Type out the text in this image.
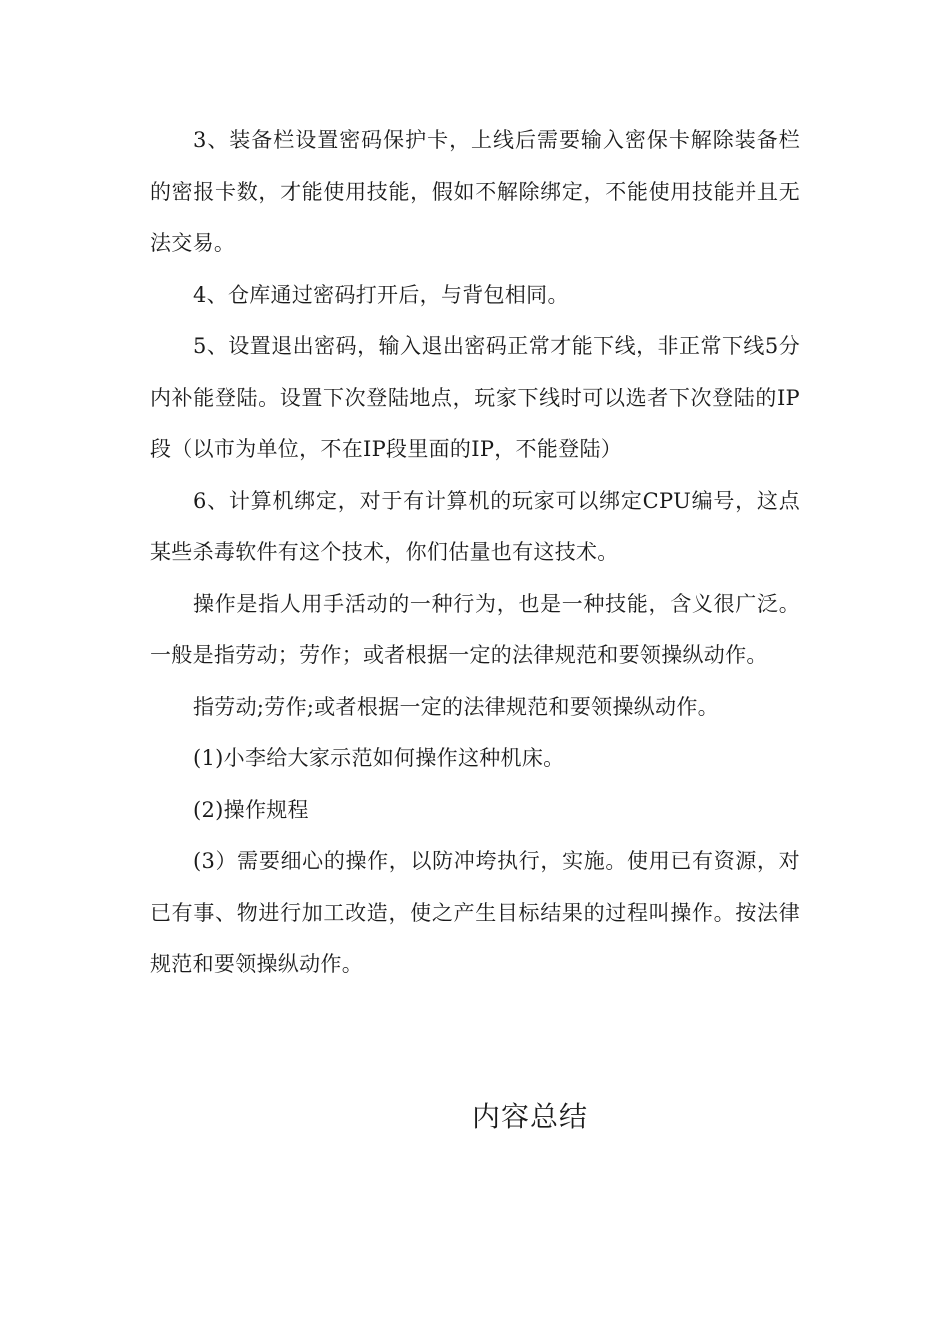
3、装备栏设置密码保护卡，上线后需要输入密保卡解除装备栏的密报卡数，才能使用技能，假如不解除绑定，不能使用技能并且无法交易。

4、仓库通过密码打开后，与背包相同。

5、设置退出密码，输入退出密码正常才能下线，非正常下线5分内补能登陆。设置下次登陆地点，玩家下线时可以选者下次登陆的IP段（以市为单位，不在IP段里面的IP，不能登陆）

6、计算机绑定，对于有计算机的玩家可以绑定CPU编号，这点某些杀毒软件有这个技术，你们估量也有这技术。

操作是指人用手活动的一种行为，也是一种技能，含义很广泛。一般是指劳动；劳作；或者根据一定的法律规范和要领操纵动作。

指劳动;劳作;或者根据一定的法律规范和要领操纵动作。

(1)小李给大家示范如何操作这种机床。

(2)操作规程

(3）需要细心的操作，以防冲垮执行，实施。使用已有资源，对已有事、物进行加工改造，使之产生目标结果的过程叫操作。按法律规范和要领操纵动作。

内容总结
